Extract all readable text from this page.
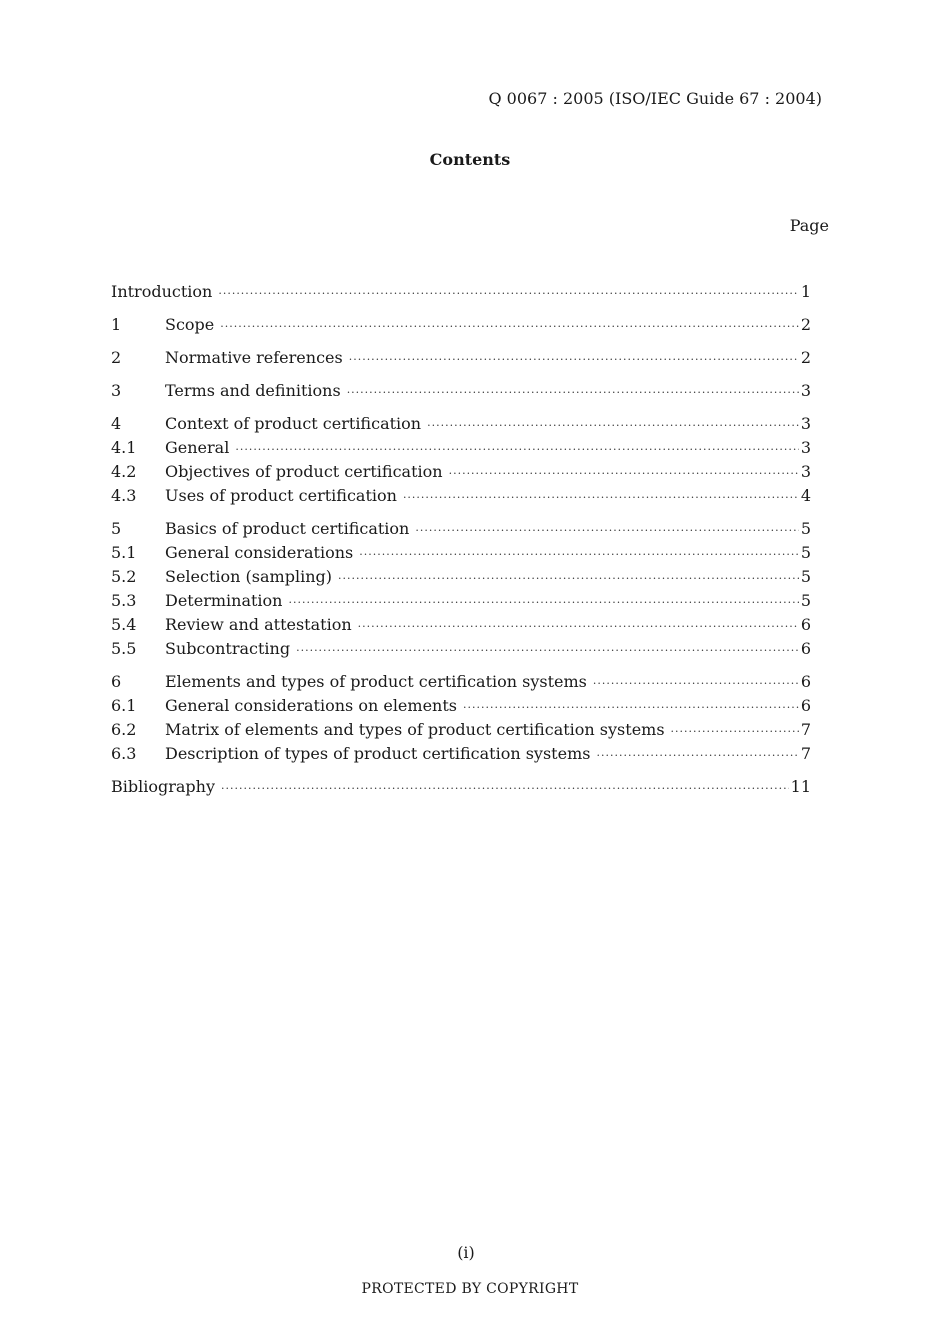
Q 0067 : 2005 (ISO/IEC Guide 67 : 2004)
Contents
Page
Introduction ·····	1
1	Scope ·····	2
2	Normative references ·····	2
3	Terms and definitions ·····	3
4	Context of product certification ·····	3
4.1	General ·····	3
4.2	Objectives of product certification ·····	3
4.3	Uses of product certification ·····	4
5	Basics of product certification ·····	5
5.1	General considerations ·····	5
5.2	Selection (sampling) ·····	5
5.3	Determination ·····	5
5.4	Review and attestation ·····	6
5.5	Subcontracting ·····	6
6	Elements and types of product certification systems ·····	6
6.1	General considerations on elements ·····	6
6.2	Matrix of elements and types of product certification systems ·····	7
6.3	Description of types of product certification systems ·····	7
Bibliography ·····	11
(i)
PROTECTED BY COPYRIGHT
